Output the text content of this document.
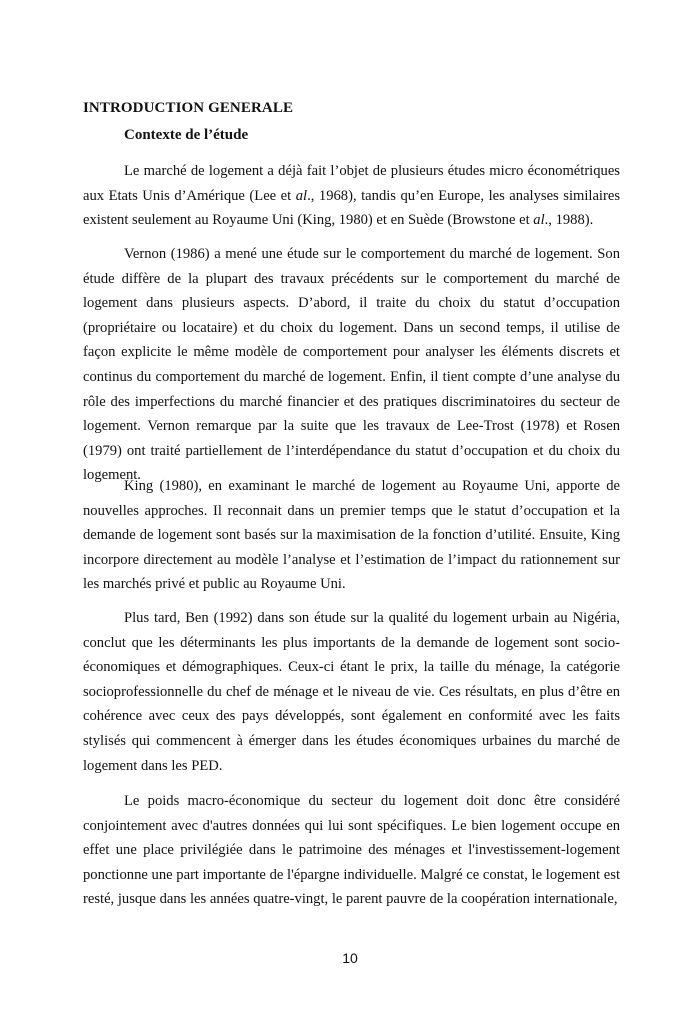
INTRODUCTION GENERALE
Contexte de l’étude

Le marché de logement a déjà fait l’objet de plusieurs études micro économétriques aux Etats Unis d’Amérique (Lee et al., 1968), tandis qu’en Europe, les analyses similaires existent seulement au Royaume Uni (King, 1980) et en Suède (Browstone et al., 1988).

Vernon (1986) a mené une étude sur le comportement du marché de logement. Son étude diffère de la plupart des travaux précédents sur le comportement du marché de logement dans plusieurs aspects. D’abord, il traite du choix du statut d’occupation (propriétaire ou locataire) et du choix du logement. Dans un second temps, il utilise de façon explicite le même modèle de comportement pour analyser les éléments discrets et continus du comportement du marché de logement. Enfin, il tient compte d’une analyse du rôle des imperfections du marché financier et des pratiques discriminatoires du secteur de logement. Vernon remarque par la suite que les travaux de Lee-Trost (1978) et Rosen (1979) ont traité partiellement de l’interdépendance du statut d’occupation et du choix du logement.

King (1980), en examinant le marché de logement au Royaume Uni, apporte de nouvelles approches. Il reconnait dans un premier temps que le statut d’occupation et la demande de logement sont basés sur la maximisation de la fonction d’utilité. Ensuite, King incorpore directement au modèle l’analyse et l’estimation de l’impact du rationnement sur les marchés privé et public au Royaume Uni.

Plus tard, Ben (1992) dans son étude sur la qualité du logement urbain au Nigéria, conclut que les déterminants les plus importants de la demande de logement sont socio-économiques et démographiques. Ceux-ci étant le prix, la taille du ménage, la catégorie socioprofessionnelle du chef de ménage et le niveau de vie. Ces résultats, en plus d’être en cohérence avec ceux des pays développés, sont également en conformité avec les faits stylisés qui commencent à émerger dans les études économiques urbaines du marché de logement dans les PED.

Le poids macro-économique du secteur du logement doit donc être considéré conjointement avec d'autres données qui lui sont spécifiques. Le bien logement occupe en effet une place privilégiée dans le patrimoine des ménages et l'investissement-logement ponctionne une part importante de l'épargne individuelle. Malgré ce constat, le logement est resté, jusque dans les années quatre-vingt, le parent pauvre de la coopération internationale,

10
